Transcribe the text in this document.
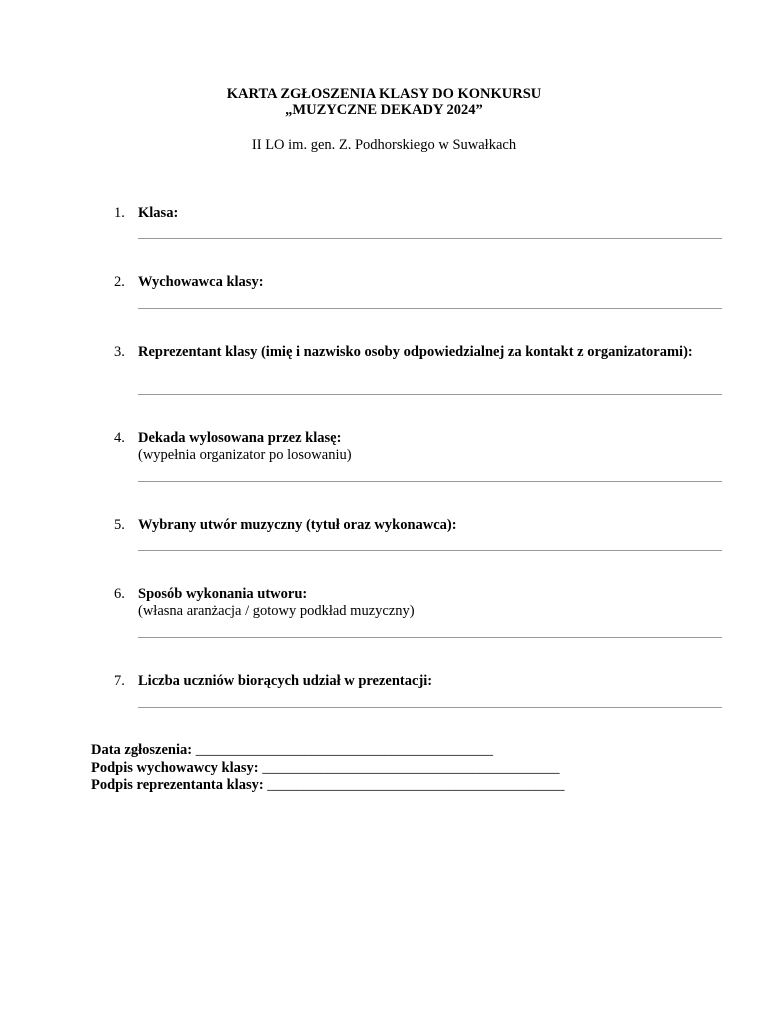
KARTA ZGŁOSZENIA KLASY DO KONKURSU
„MUZYCZNE DEKADY 2024”
II LO im. gen. Z. Podhorskiego w Suwałkach
1. Klasa:
2. Wychowawca klasy:
3. Reprezentant klasy (imię i nazwisko osoby odpowiedzialnej za kontakt z organizatorami):
4. Dekada wylosowana przez klasę:
(wypełnia organizator po losowaniu)
5. Wybrany utwór muzyczny (tytuł oraz wykonawca):
6. Sposób wykonania utworu:
(własna aranżacja / gotowy podkład muzyczny)
7. Liczba uczniów biorących udział w prezentacji:
Data zgłoszenia: _________________________________________
Podpis wychowawcy klasy: _________________________________________
Podpis reprezentanta klasy: _________________________________________
